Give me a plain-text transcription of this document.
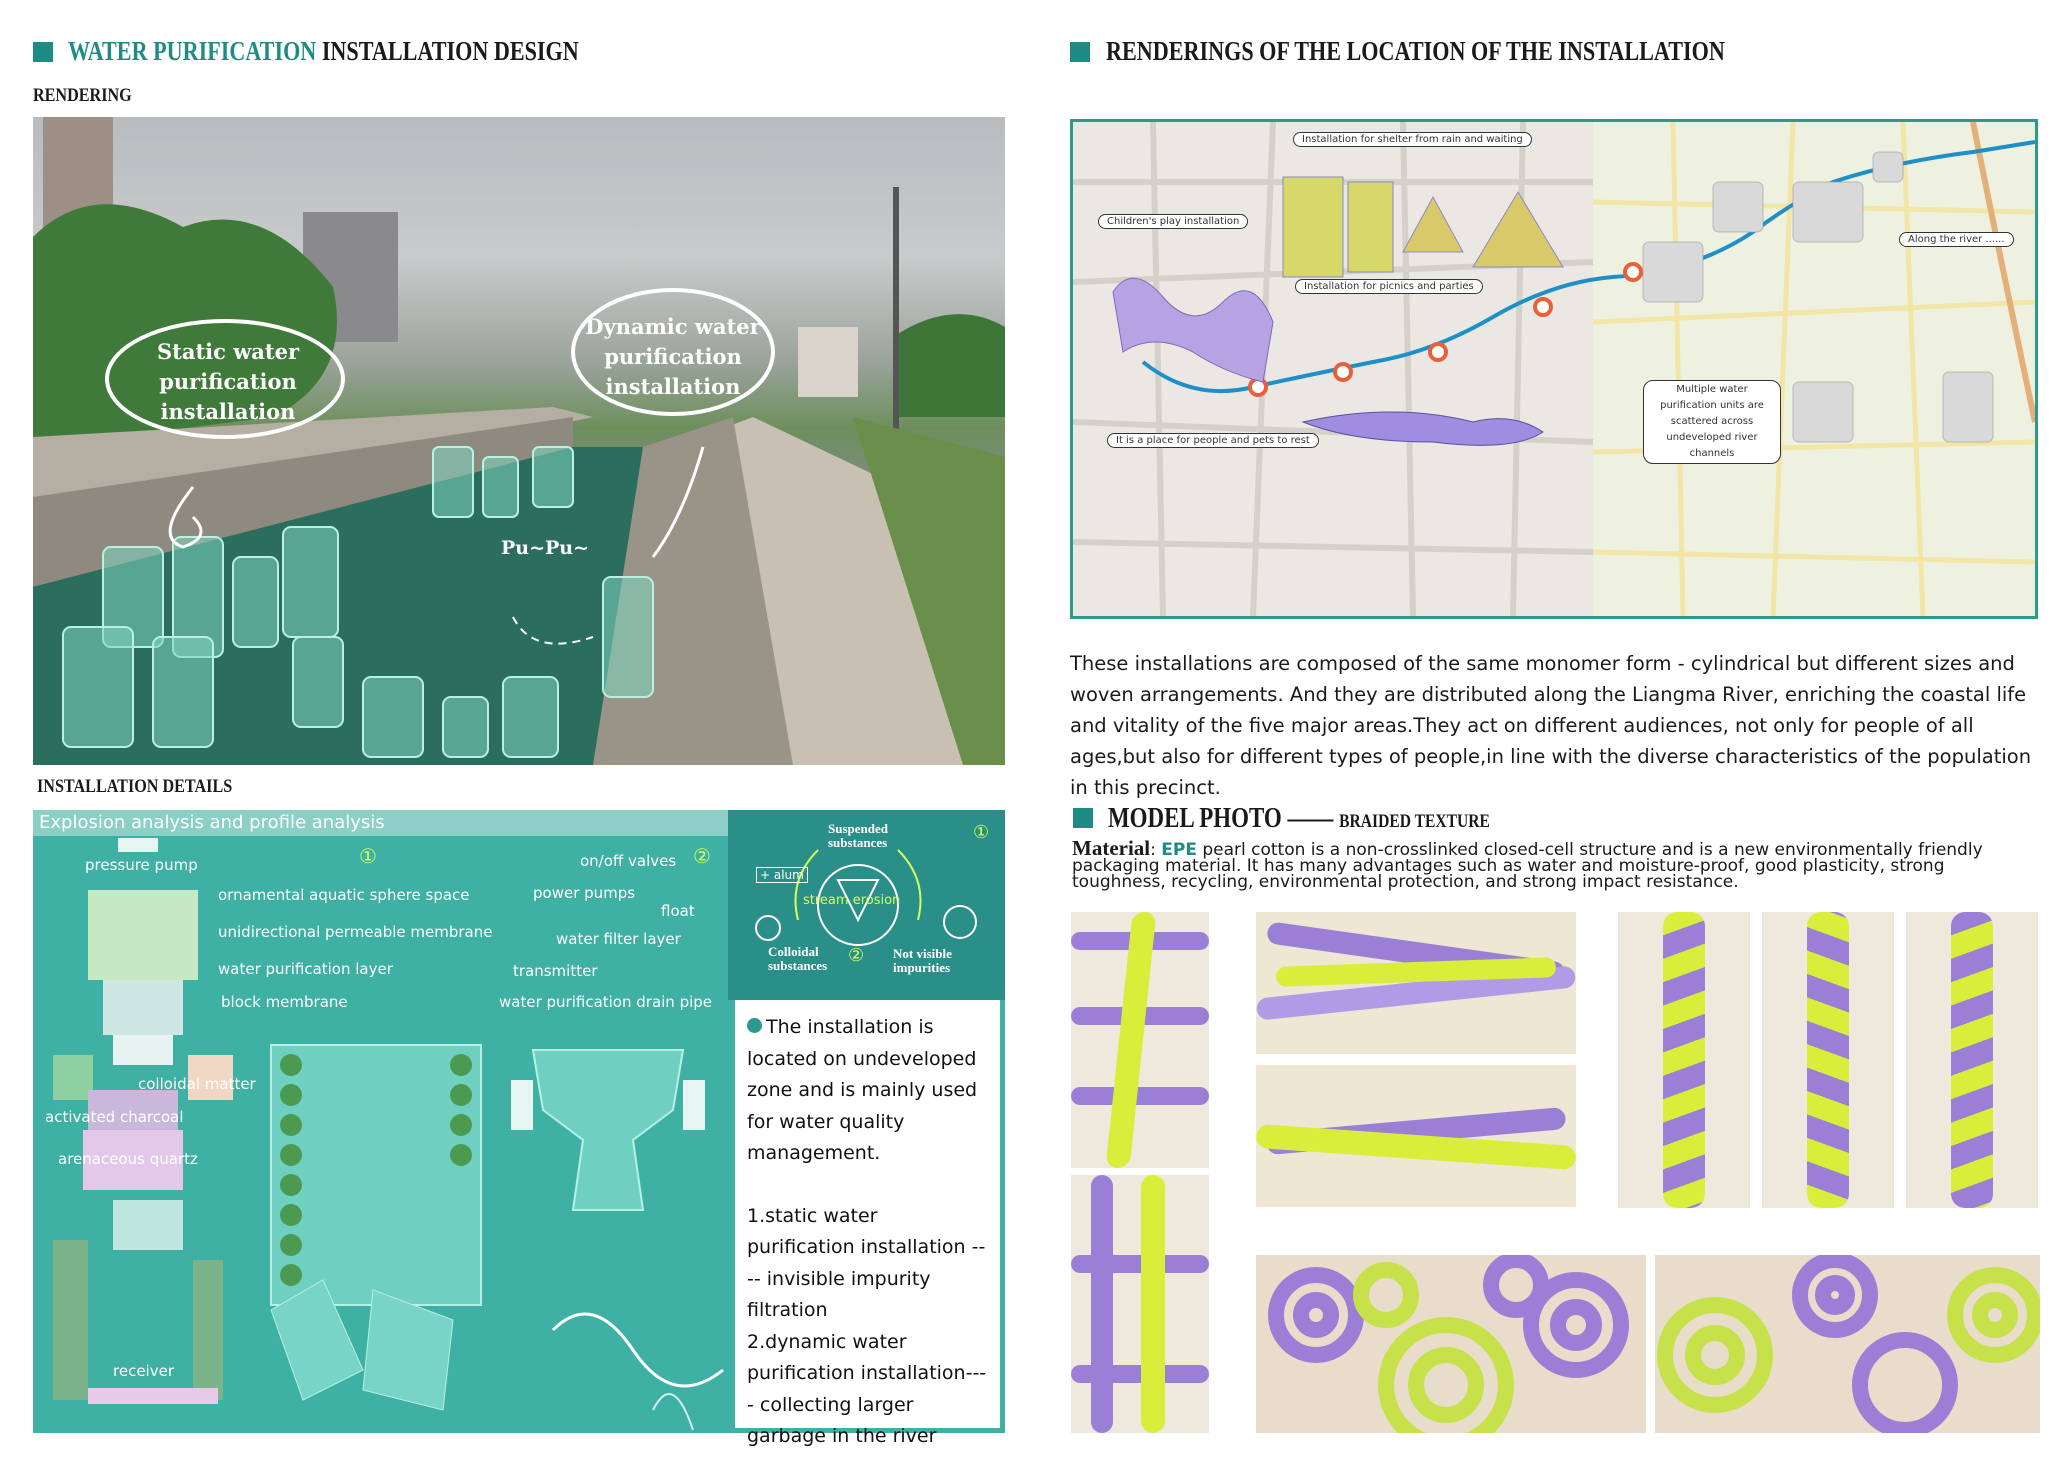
WATER PURIFICATION INSTALLATION DESIGN
RENDERING
Static water purification installation
Dynamic water purification installation
Pu~Pu~
INSTALLATION DETAILS
Explosion analysis and profile analysis
①	②
pressure pump
ornamental aquatic sphere space
unidirectional permeable membrane
water purification layer
block membrane
colloidal matter
activated charcoal
arenaceous quartz
receiver
on/off valves
power pumps
float
water filter layer
transmitter
water purification drain pipe
Suspended substances
+ alum
stream erosion
Colloidal substances
Not visible impurities
①
②
The installation is located on undeveloped zone and is mainly used for water quality management.
1.static water purification installation ---- invisible impurity filtration
2.dynamic water purification installation---- collecting larger garbage in the river
RENDERINGS OF THE LOCATION OF THE INSTALLATION
Installation for shelter from rain and waiting
Children's play installation
Installation for picnics and parties
Along the river ......
Multiple water purification units are scattered across undeveloped river channels
It is a place for people and pets to rest
These installations are composed of the same monomer form - cylindrical but different sizes and woven arrangements. And they are distributed along the Liangma River, enriching the coastal life and vitality of the five major areas.They act on different audiences, not only for people of all ages,but also for different types of people,in line with the diverse characteristics of the population in this precinct.
MODEL PHOTO —— BRAIDED TEXTURE
Material: EPE pearl cotton is a non-crosslinked closed-cell structure and is a new environmentally friendly packaging material. It has many advantages such as water and moisture-proof, good plasticity, strong toughness, recycling, environmental protection, and strong impact resistance.
